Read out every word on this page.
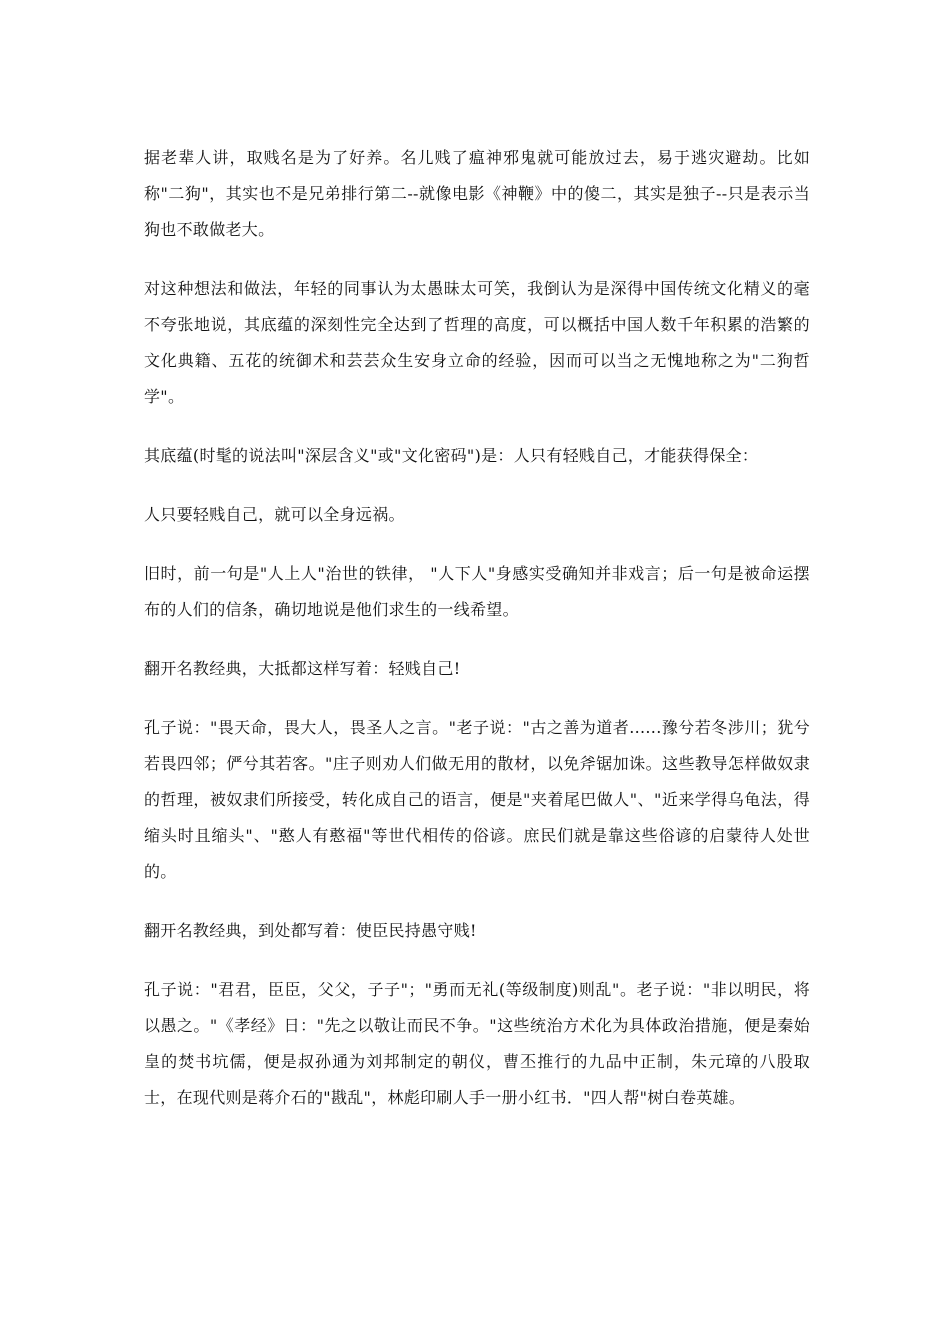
据老辈人讲，取贱名是为了好养。名儿贱了瘟神邪鬼就可能放过去，易于逃灾避劫。比如称"二狗"，其实也不是兄弟排行第二--就像电影《神鞭》中的傻二，其实是独子--只是表示当狗也不敢做老大。

对这种想法和做法，年轻的同事认为太愚昧太可笑，我倒认为是深得中国传统文化精义的毫不夸张地说，其底蕴的深刻性完全达到了哲理的高度，可以概括中国人数千年积累的浩繁的文化典籍、五花的统御术和芸芸众生安身立命的经验，因而可以当之无愧地称之为"二狗哲学"。

其底蕴(时髦的说法叫"深层含义"或"文化密码")是：人只有轻贱自己，才能获得保全：

人只要轻贱自己，就可以全身远祸。

旧时，前一句是"人上人"治世的铁律， "人下人"身感实受确知并非戏言；后一句是被命运摆布的人们的信条，确切地说是他们求生的一线希望。

翻开名教经典，大抵都这样写着：轻贱自己!

孔子说："畏天命，畏大人，畏圣人之言。"老子说："古之善为道者......豫兮若冬涉川；犹兮若畏四邻；俨兮其若客。"庄子则劝人们做无用的散材，以免斧锯加诛。这些教导怎样做奴隶的哲理，被奴隶们所接受，转化成自己的语言，便是"夹着尾巴做人"、"近来学得乌龟法，得缩头时且缩头"、"憨人有憨福"等世代相传的俗谚。庶民们就是靠这些俗谚的启蒙待人处世的。

翻开名教经典，到处都写着：使臣民持愚守贱!

孔子说："君君，臣臣，父父，子子"；"勇而无礼(等级制度)则乱"。老子说："非以明民，将以愚之。"《孝经》日："先之以敬让而民不争。"这些统治方术化为具体政治措施，便是秦始皇的焚书坑儒，便是叔孙通为刘邦制定的朝仪，曹丕推行的九品中正制，朱元璋的八股取士，在现代则是蒋介石的"戡乱"，林彪印刷人手一册小红书．"四人帮"树白卷英雄。
